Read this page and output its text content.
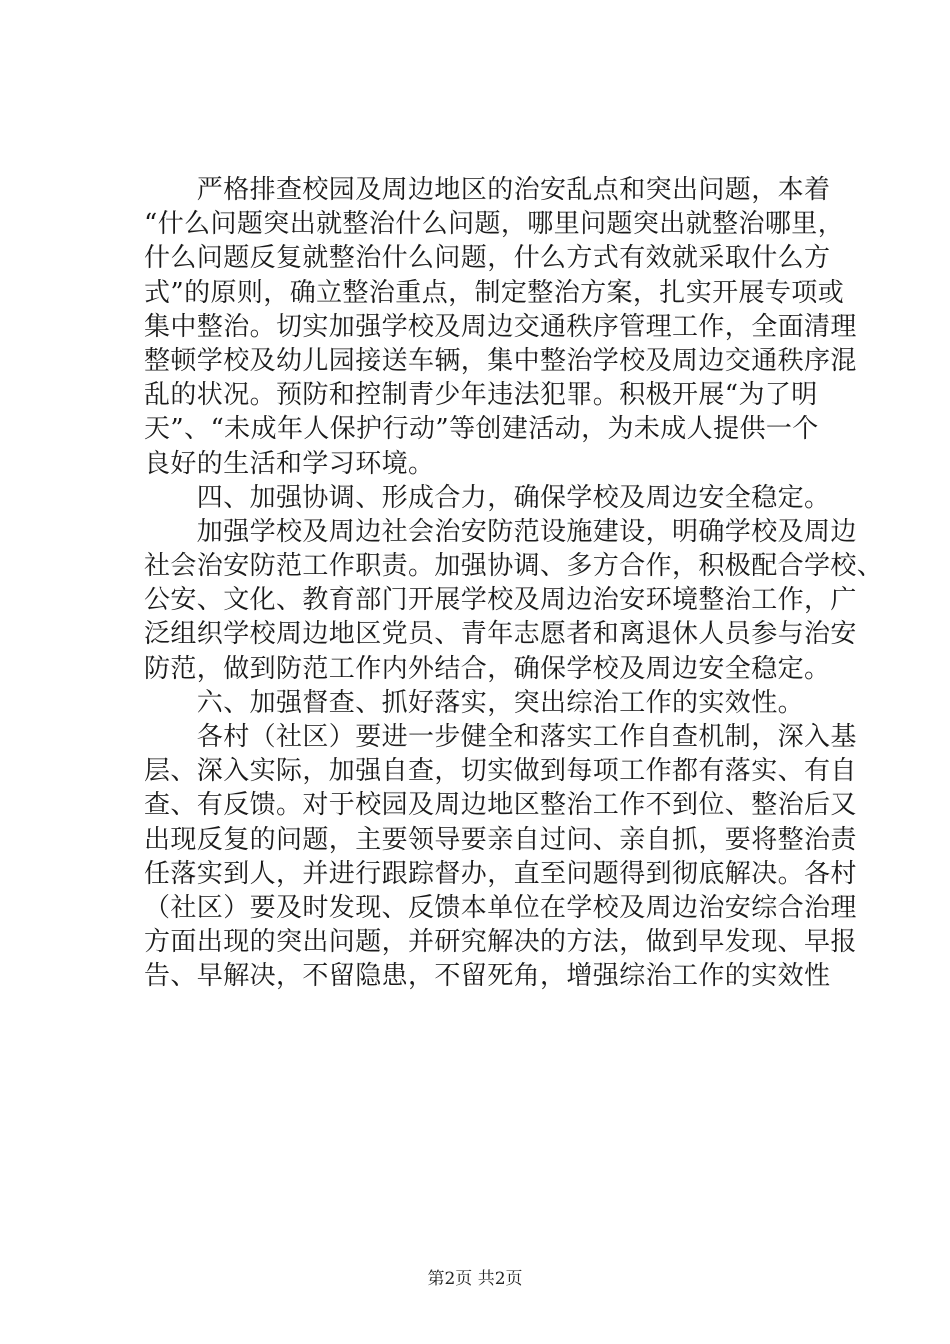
　　严格排查校园及周边地区的治安乱点和突出问题，本着
“什么问题突出就整治什么问题，哪里问题突出就整治哪里，
什么问题反复就整治什么问题，什么方式有效就采取什么方
式”的原则，确立整治重点，制定整治方案，扎实开展专项或
集中整治。切实加强学校及周边交通秩序管理工作，全面清理
整顿学校及幼儿园接送车辆，集中整治学校及周边交通秩序混
乱的状况。预防和控制青少年违法犯罪。积极开展“为了明
天”、“未成年人保护行动”等创建活动，为未成人提供一个
良好的生活和学习环境。
　　四、加强协调、形成合力，确保学校及周边安全稳定。
　　加强学校及周边社会治安防范设施建设，明确学校及周边
社会治安防范工作职责。加强协调、多方合作，积极配合学校、
公安、文化、教育部门开展学校及周边治安环境整治工作，广
泛组织学校周边地区党员、青年志愿者和离退休人员参与治安
防范，做到防范工作内外结合，确保学校及周边安全稳定。
　　六、加强督查、抓好落实，突出综治工作的实效性。
　　各村（社区）要进一步健全和落实工作自查机制，深入基
层、深入实际，加强自查，切实做到每项工作都有落实、有自
查、有反馈。对于校园及周边地区整治工作不到位、整治后又
出现反复的问题，主要领导要亲自过问、亲自抓，要将整治责
任落实到人，并进行跟踪督办，直至问题得到彻底解决。各村
（社区）要及时发现、反馈本单位在学校及周边治安综合治理
方面出现的突出问题，并研究解决的方法，做到早发现、早报
告、早解决，不留隐患，不留死角，增强综治工作的实效性
第2页 共2页
